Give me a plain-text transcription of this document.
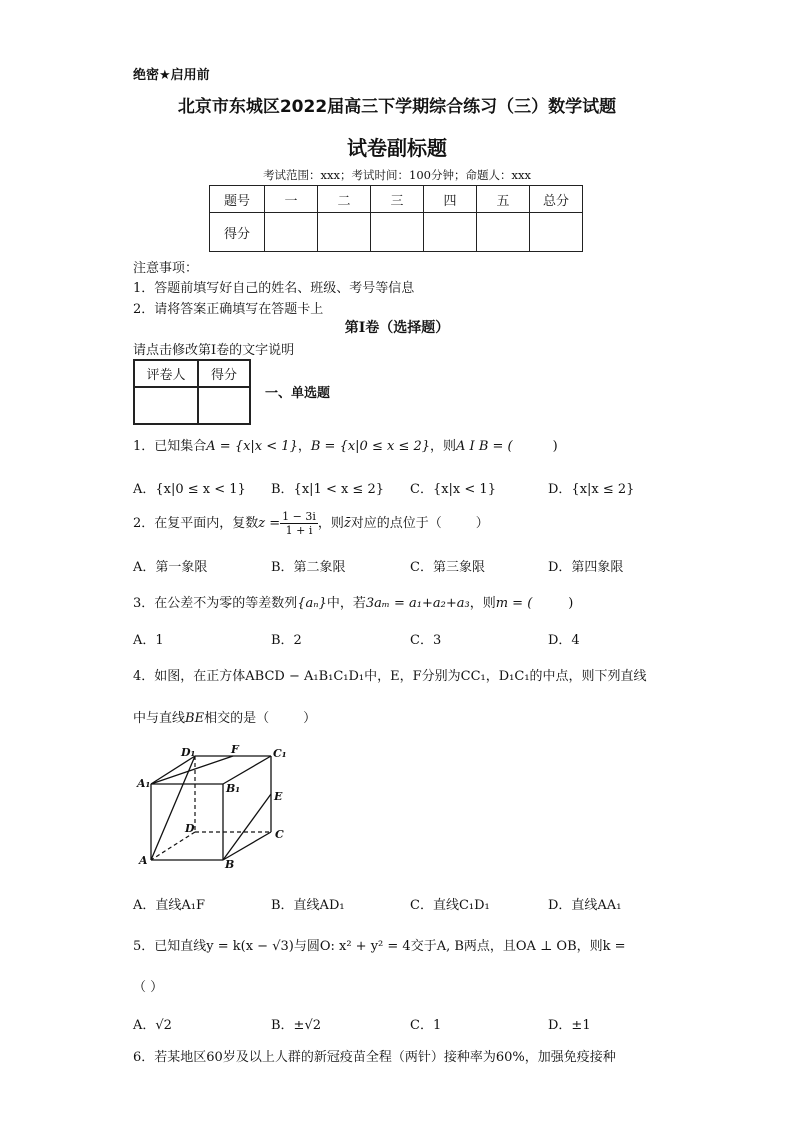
绝密★启用前
北京市东城区2022届高三下学期综合练习（三）数学试题
试卷副标题
考试范围：xxx；考试时间：100分钟；命题人：xxx
题号	一	二	三	四	五	总分
得分						
注意事项：
1．答题前填写好自己的姓名、班级、考号等信息
2．请将答案正确填写在答题卡上
第I卷（选择题）
请点击修改第I卷的文字说明
评卷人	得分

一、单选题
1．已知集合A = {x|x < 1}，B = {x|0 ≤ x ≤ 2}，则A I B = (	)
A．{x|0 ≤ x < 1} B．{x|1 < x ≤ 2} C．{x|x < 1}	D．{x|x ≤ 2}
2．在复平面内，复数$z = \frac{1 - 3i}{1 + i}$ ，则z̄对应的点位于（	）
A．第一象限	B．第二象限	C．第三象限	D．第四象限
3．在公差不为零的等差数列{aₙ}中，若3aₘ = a₁+a₂+a₃，则m = (	)
A．1	B．2	C．3	D．4
4．如图，在正方体ABCD − A₁B₁C₁D₁中，E，F分别为CC₁，D₁C₁的中点，则下列直线
中与直线BE相交的是（	）
D₁	F	C₁
A₁	B₁
E
D	C
A	B
A．直线A₁F	B．直线AD₁	C．直线C₁D₁	D．直线AA₁
5．已知直线y = k(x − √3)与圆O: x² + y² = 4交于A, B两点，且OA ⊥ OB，则k =
（ ）
A．√2	B．±√2	C．1	D．±1
6．若某地区60岁及以上人群的新冠疫苗全程（两针）接种率为60%，加强免疫接种
